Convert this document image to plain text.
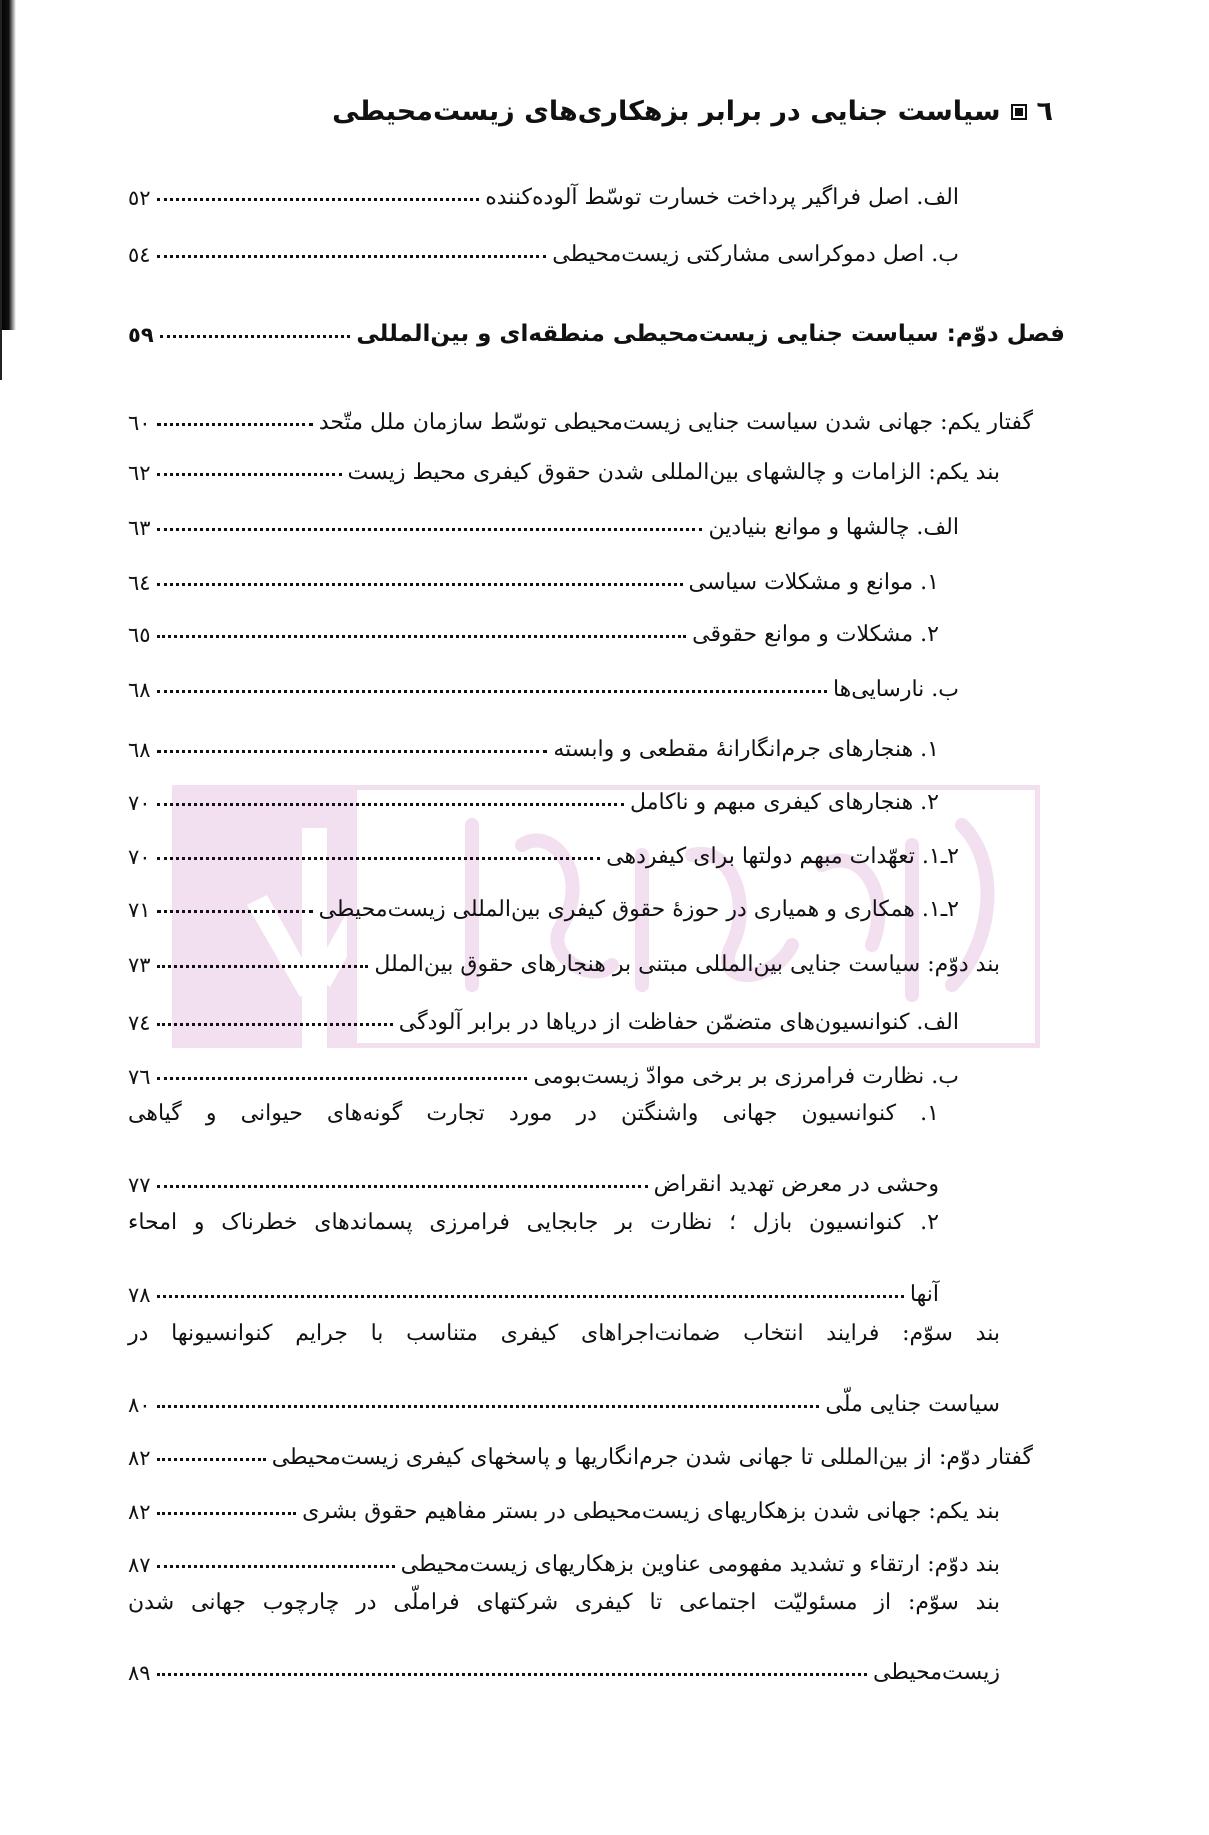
٦
سیاست جنایی در برابر بزهکاری‌های زیست‌محیطی
الف. اصل فراگیر پرداخت خسارت توسّط آلوده‌کننده
٥٢
ب. اصل دموکراسی مشارکتی زیست‌محیطی
٥٤
فصل دوّم: سیاست جنایی زیست‌محیطی منطقه‌ای و بین‌المللی
٥٩
گفتار یکم: جهانی شدن سیاست جنایی زیست‌محیطی توسّط سازمان ملل متّحد
٦٠
بند یکم: الزامات و چالشهای بین‌المللی شدن حقوق کیفری محیط زیست
٦٢
الف. چالشها و موانع بنیادین
٦٣
١. موانع و مشکلات سیاسی
٦٤
٢. مشکلات و موانع حقوقی
٦٥
ب. نارسایی‌ها
٦٨
١. هنجارهای جرم‌انگارانۀ مقطعی و وابسته
٦٨
٢. هنجارهای کیفری مبهم و ناکامل
٧٠
٢ـ١. تعهّدات مبهم دولتها برای کیفردهی
٧٠
٢ـ١. همکاری و همیاری در حوزۀ حقوق کیفری بین‌المللی زیست‌محیطی
٧١
بند دوّم: سیاست جنایی بین‌المللی مبتنی بر هنجارهای حقوق بین‌الملل
٧٣
الف. کنوانسیون‌های متضمّن حفاظت از دریاها در برابر آلودگی
٧٤
ب. نظارت فرامرزی بر برخی موادّ زیست‌بومی
٧٦
١. کنوانسیون جهانی واشنگتن در مورد تجارت گونه‌های حیوانی و گیاهی
وحشی در معرض تهدید انقراض
٧٧
٢. کنوانسیون بازل ؛ نظارت بر جابجایی فرامرزی پسماندهای خطرناک و امحاء
آنها
٧٨
بند سوّم: فرایند انتخاب ضمانت‌اجراهای کیفری متناسب با جرایم کنوانسیونها در
سیاست جنایی ملّی
٨٠
گفتار دوّم: از بین‌المللی تا جهانی شدن جرم‌انگاریها و پاسخهای کیفری زیست‌محیطی
٨٢
بند یکم: جهانی شدن بزهکاریهای زیست‌محیطی در بستر مفاهیم حقوق بشری
٨٢
بند دوّم: ارتقاء و تشدید مفهومی عناوین بزهکاریهای زیست‌محیطی
٨٧
بند سوّم: از مسئولیّت اجتماعی تا کیفری شرکتهای فراملّی در چارچوب جهانی شدن
زیست‌محیطی
٨٩
